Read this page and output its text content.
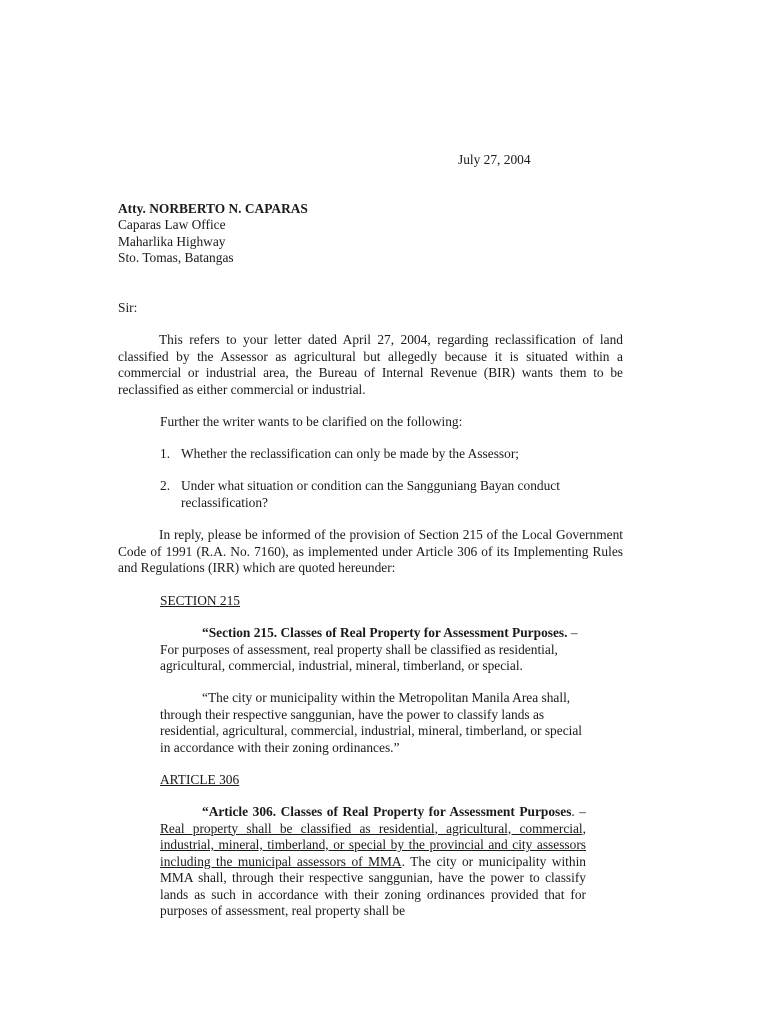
July 27, 2004

Atty. NORBERTO N. CAPARAS
Caparas Law Office
Maharlika Highway
Sto. Tomas, Batangas

Sir:

This refers to your letter dated April 27, 2004, regarding reclassification of land classified by the Assessor as agricultural but allegedly because it is situated within a commercial or industrial area, the Bureau of Internal Revenue (BIR) wants them to be reclassified as either commercial or industrial.

Further the writer wants to be clarified on the following:

1. Whether the reclassification can only be made by the Assessor;
2. Under what situation or condition can the Sangguniang Bayan conduct reclassification?

In reply, please be informed of the provision of Section 215 of the Local Government Code of 1991 (R.A. No. 7160), as implemented under Article 306 of its Implementing Rules and Regulations (IRR) which are quoted hereunder:

SECTION 215

“Section 215. Classes of Real Property for Assessment Purposes. – For purposes of assessment, real property shall be classified as residential, agricultural, commercial, industrial, mineral, timberland, or special.

“The city or municipality within the Metropolitan Manila Area shall, through their respective sanggunian, have the power to classify lands as residential, agricultural, commercial, industrial, mineral, timberland, or special in accordance with their zoning ordinances.”

ARTICLE 306

“Article 306. Classes of Real Property for Assessment Purposes. – Real property shall be classified as residential, agricultural, commercial, industrial, mineral, timberland, or special by the provincial and city assessors including the municipal assessors of MMA. The city or municipality within MMA shall, through their respective sanggunian, have the power to classify lands as such in accordance with their zoning ordinances provided that for purposes of assessment, real property shall be
